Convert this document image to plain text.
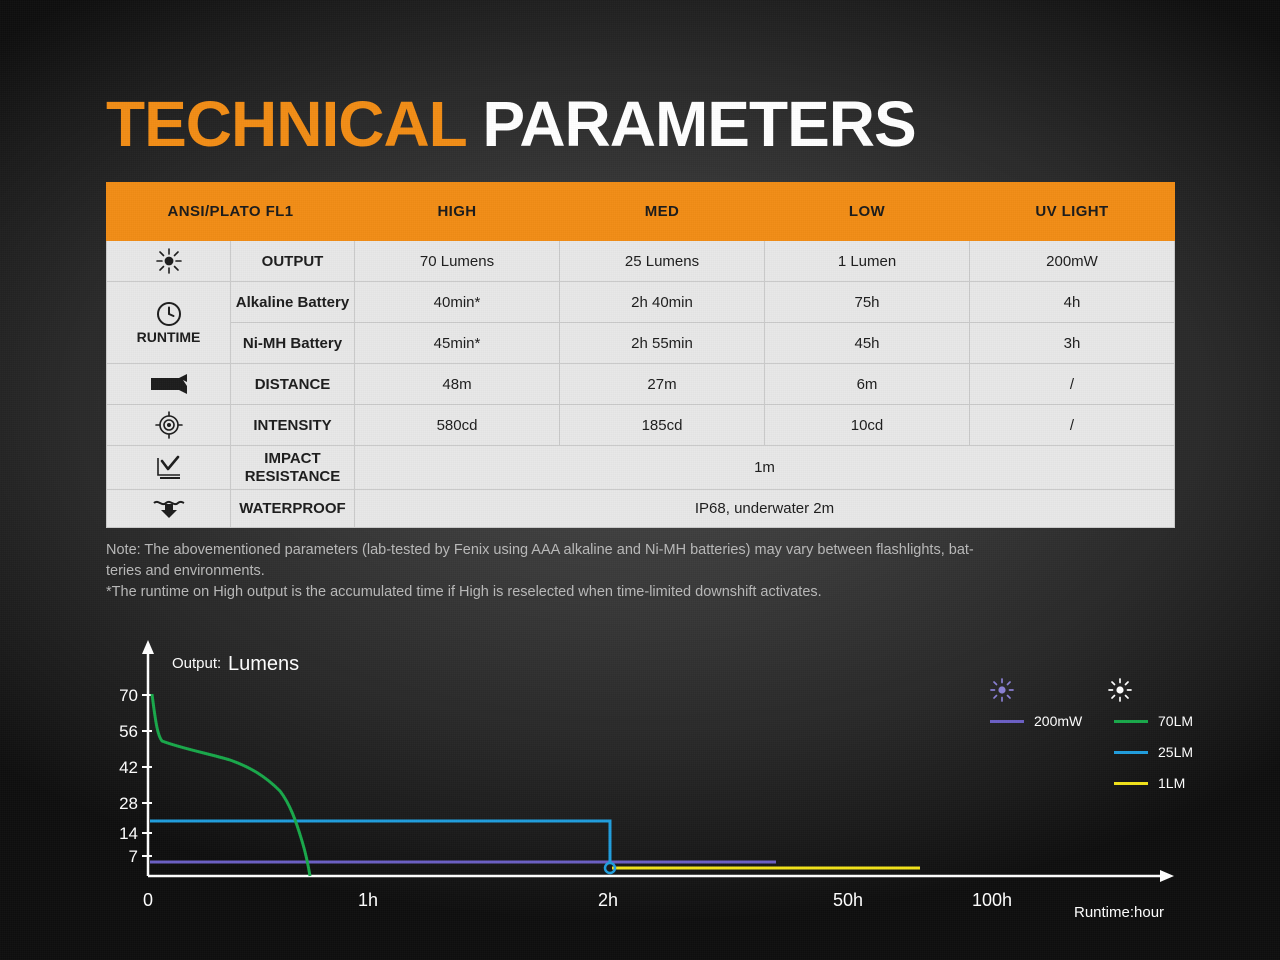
TECHNICAL PARAMETERS
ANSI/PLATO FL1		HIGH	MED	LOW	UV LIGHT
	OUTPUT	70 Lumens	25 Lumens	1 Lumen	200mW

RUNTIME	Alkaline Battery	40min*	2h 40min	75h	4h
	Ni-MH Battery	45min*	2h 55min	45h	3h
	DISTANCE	48m	27m	6m	/
	INTENSITY	580cd	185cd	10cd	/
	IMPACT
RESISTANCE	1m			
	WATERPROOF	IP68, underwater 2m			

Note: The abovementioned parameters (lab-tested by Fenix using AAA alkaline and Ni-MH batteries) may vary between flashlights, bat-

teries and environments.

*The runtime on High output is the accumulated time if High is reselected when time-limited downshift activates.

70
56
42
28
14
7
0	1h	2h	50h	100h
Output: Lumens
Runtime:hour
200mW	70LM
25LM
1LM
